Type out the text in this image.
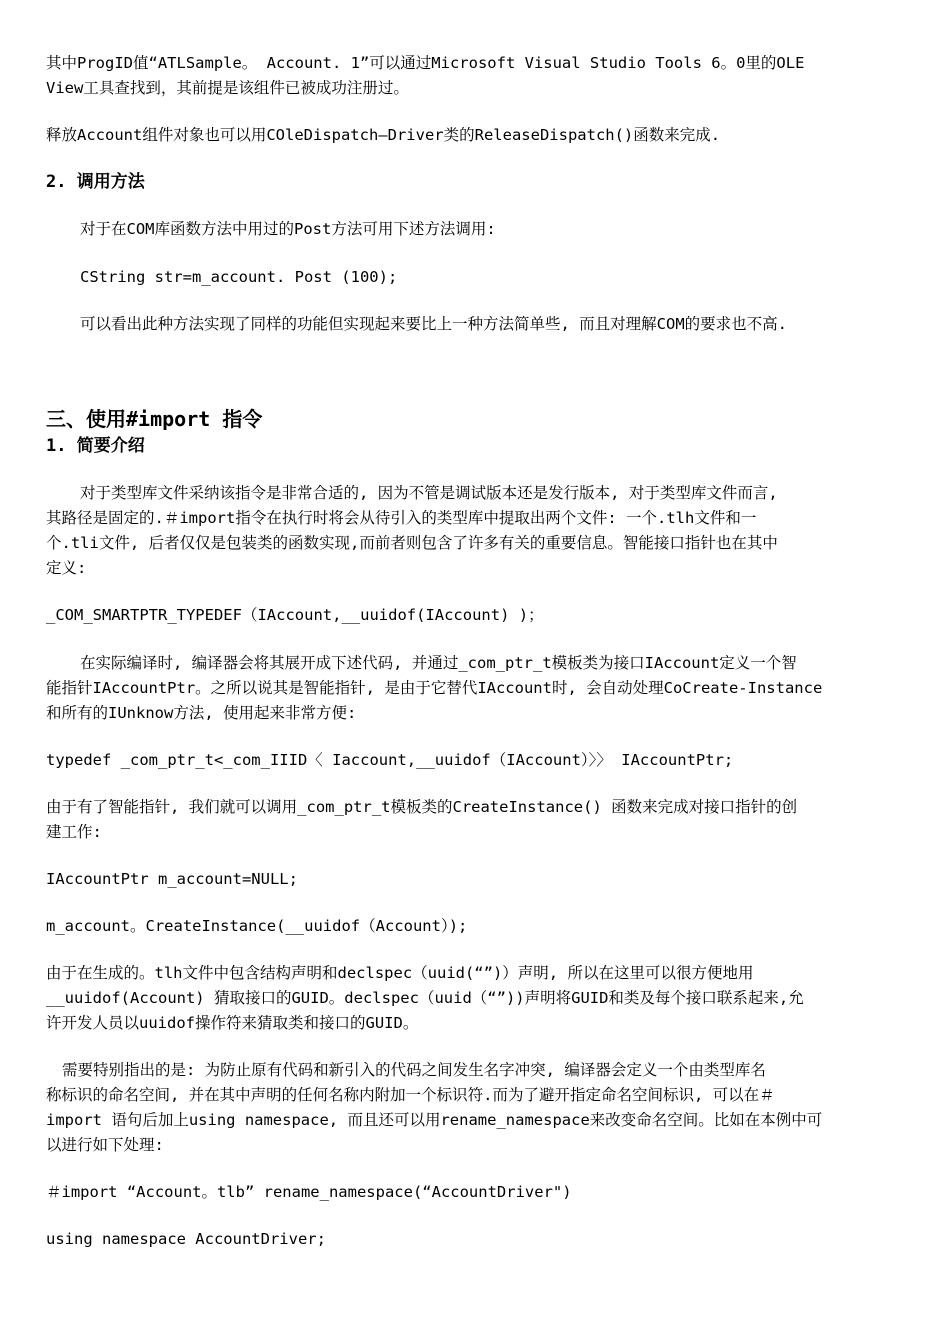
其中ProgID值“ATLSample。 Account. 1”可以通过Microsoft Visual Studio Tools 6。0里的OLE
View工具查找到，其前提是该组件已被成功注册过。
释放Account组件对象也可以用COleDispatch—Driver类的ReleaseDispatch()函数来完成.
2. 调用方法
对于在COM库函数方法中用过的Post方法可用下述方法调用:
CString str=m_account. Post (100);
可以看出此种方法实现了同样的功能但实现起来要比上一种方法简单些, 而且对理解COM的要求也不高.
三、使用#import 指令
1. 简要介绍
对于类型库文件采纳该指令是非常合适的, 因为不管是调试版本还是发行版本, 对于类型库文件而言,
其路径是固定的.＃import指令在执行时将会从待引入的类型库中提取出两个文件: 一个.tlh文件和一
个.tli文件, 后者仅仅是包装类的函数实现,而前者则包含了许多有关的重要信息。智能接口指针也在其中
定义:
_COM_SMARTPTR_TYPEDEF（IAccount,__uuidof(IAccount) )；
在实际编译时, 编译器会将其展开成下述代码, 并通过_com_ptr_t模板类为接口IAccount定义一个智
能指针IAccountPtr。之所以说其是智能指针, 是由于它替代IAccount时, 会自动处理CoCreate-Instance
和所有的IUnknow方法, 使用起来非常方便:
typedef _com_ptr_t<_com_IIID〈 Iaccount,__uuidof（IAccount）〉〉 IAccountPtr;
由于有了智能指针, 我们就可以调用_com_ptr_t模板类的CreateInstance() 函数来完成对接口指针的创
建工作:
IAccountPtr m_account=NULL;
m_account。CreateInstance(__uuidof（Account）);
由于在生成的。tlh文件中包含结构声明和declspec（uuid(“”)）声明, 所以在这里可以很方便地用
__uuidof(Account) 猜取接口的GUID。declspec（uuid（“”))声明将GUID和类及每个接口联系起来,允
许开发人员以uuidof操作符来猜取类和接口的GUID。
需要特别指出的是: 为防止原有代码和新引入的代码之间发生名字冲突, 编译器会定义一个由类型库名
称标识的命名空间, 并在其中声明的任何名称内附加一个标识符.而为了避开指定命名空间标识, 可以在＃
import 语句后加上using namespace, 而且还可以用rename_namespace来改变命名空间。比如在本例中可
以进行如下处理:
＃import “Account。tlb” rename_namespace(“AccountDriver")
using namespace AccountDriver;
